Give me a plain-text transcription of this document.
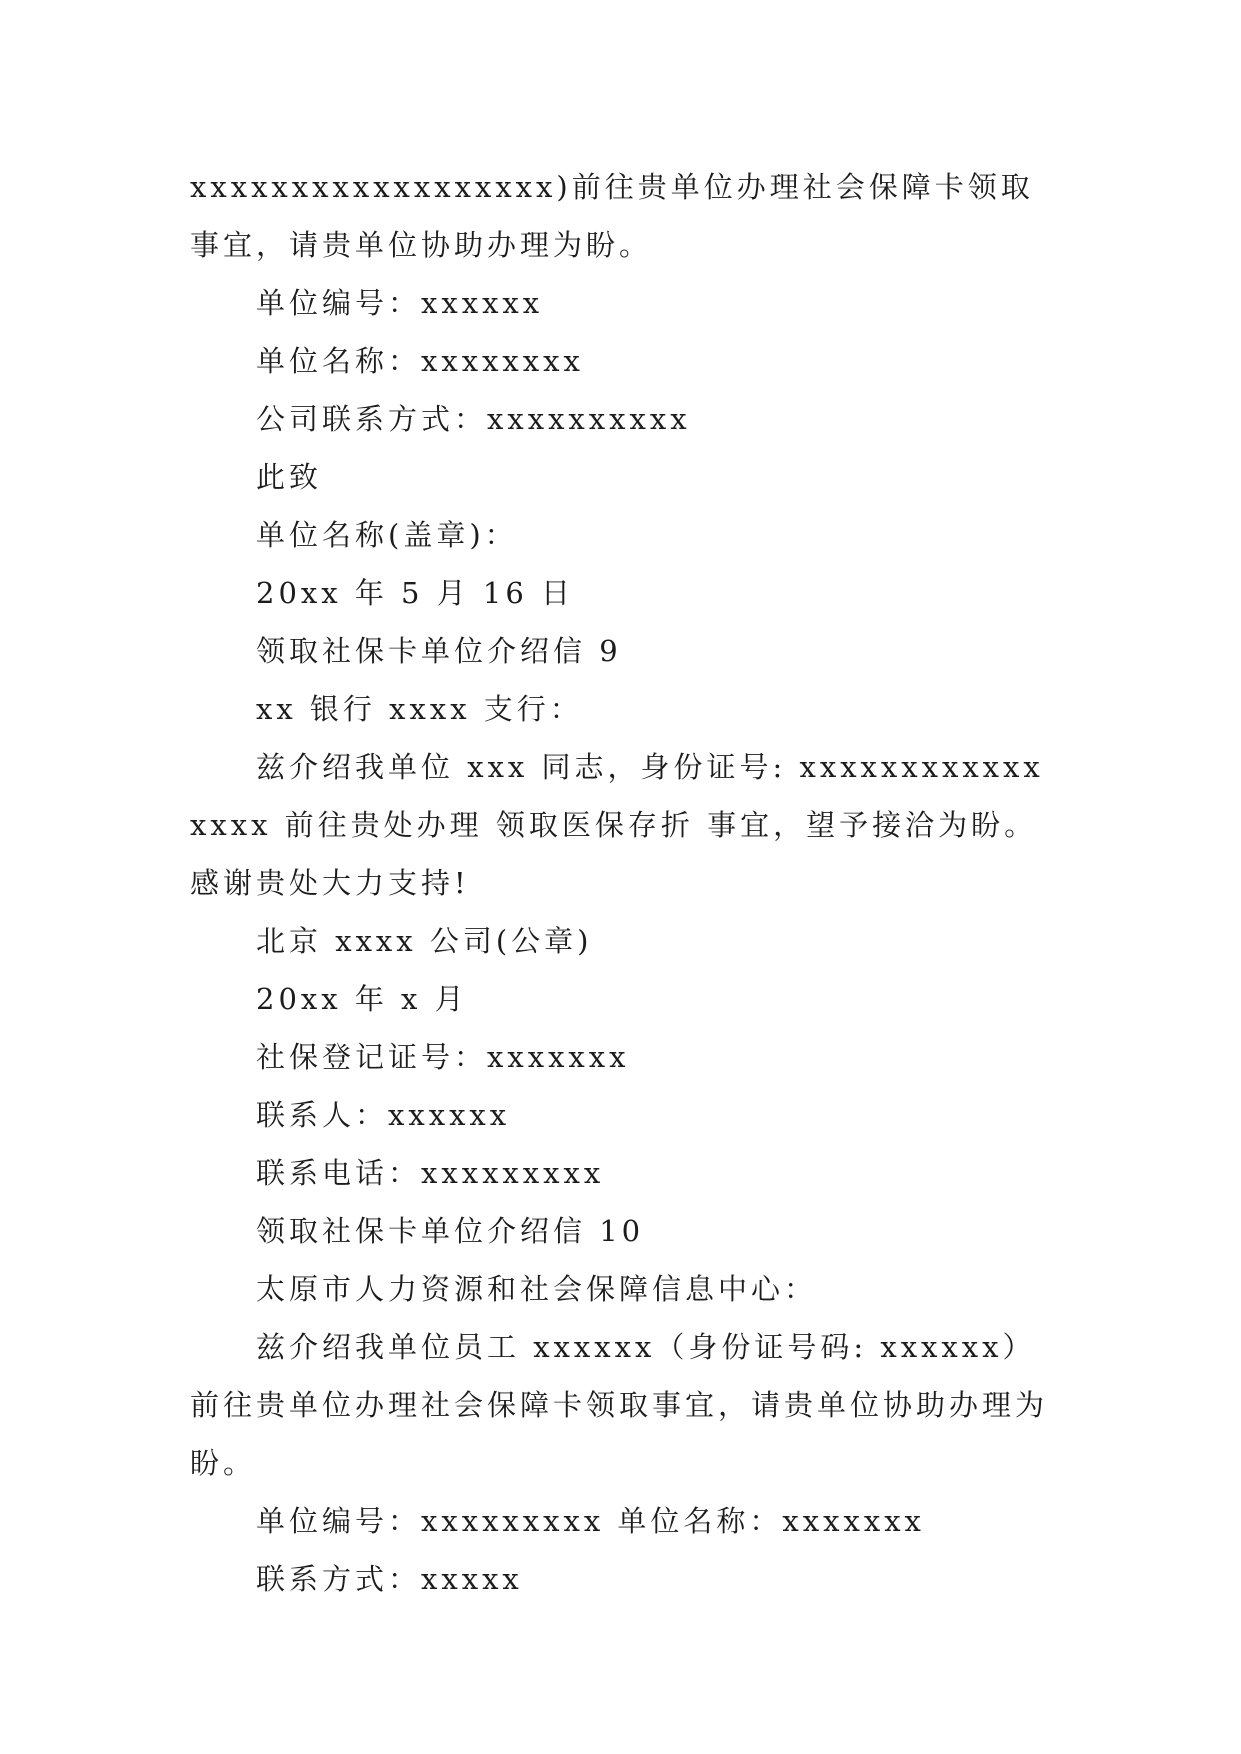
xxxxxxxxxxxxxxxxxx)前往贵单位办理社会保障卡领取事宜，请贵单位协助办理为盼。

单位编号：xxxxxx

单位名称：xxxxxxxx

公司联系方式：xxxxxxxxxx

此致

单位名称(盖章)：

20xx 年 5 月 16 日

领取社保卡单位介绍信 9

xx 银行 xxxx 支行：

兹介绍我单位 xxx 同志，身份证号: xxxxxxxxxxxxxxxx 前往贵处办理 领取医保存折 事宜，望予接洽为盼。感谢贵处大力支持!

北京 xxxx 公司(公章)

20xx 年 x 月

社保登记证号：xxxxxxx

联系人：xxxxxx

联系电话：xxxxxxxxx

领取社保卡单位介绍信 10

太原市人力资源和社会保障信息中心：

兹介绍我单位员工 xxxxxx（身份证号码: xxxxxx）前往贵单位办理社会保障卡领取事宜，请贵单位协助办理为盼。

单位编号：xxxxxxxxx 单位名称：xxxxxxx

联系方式：xxxxx
